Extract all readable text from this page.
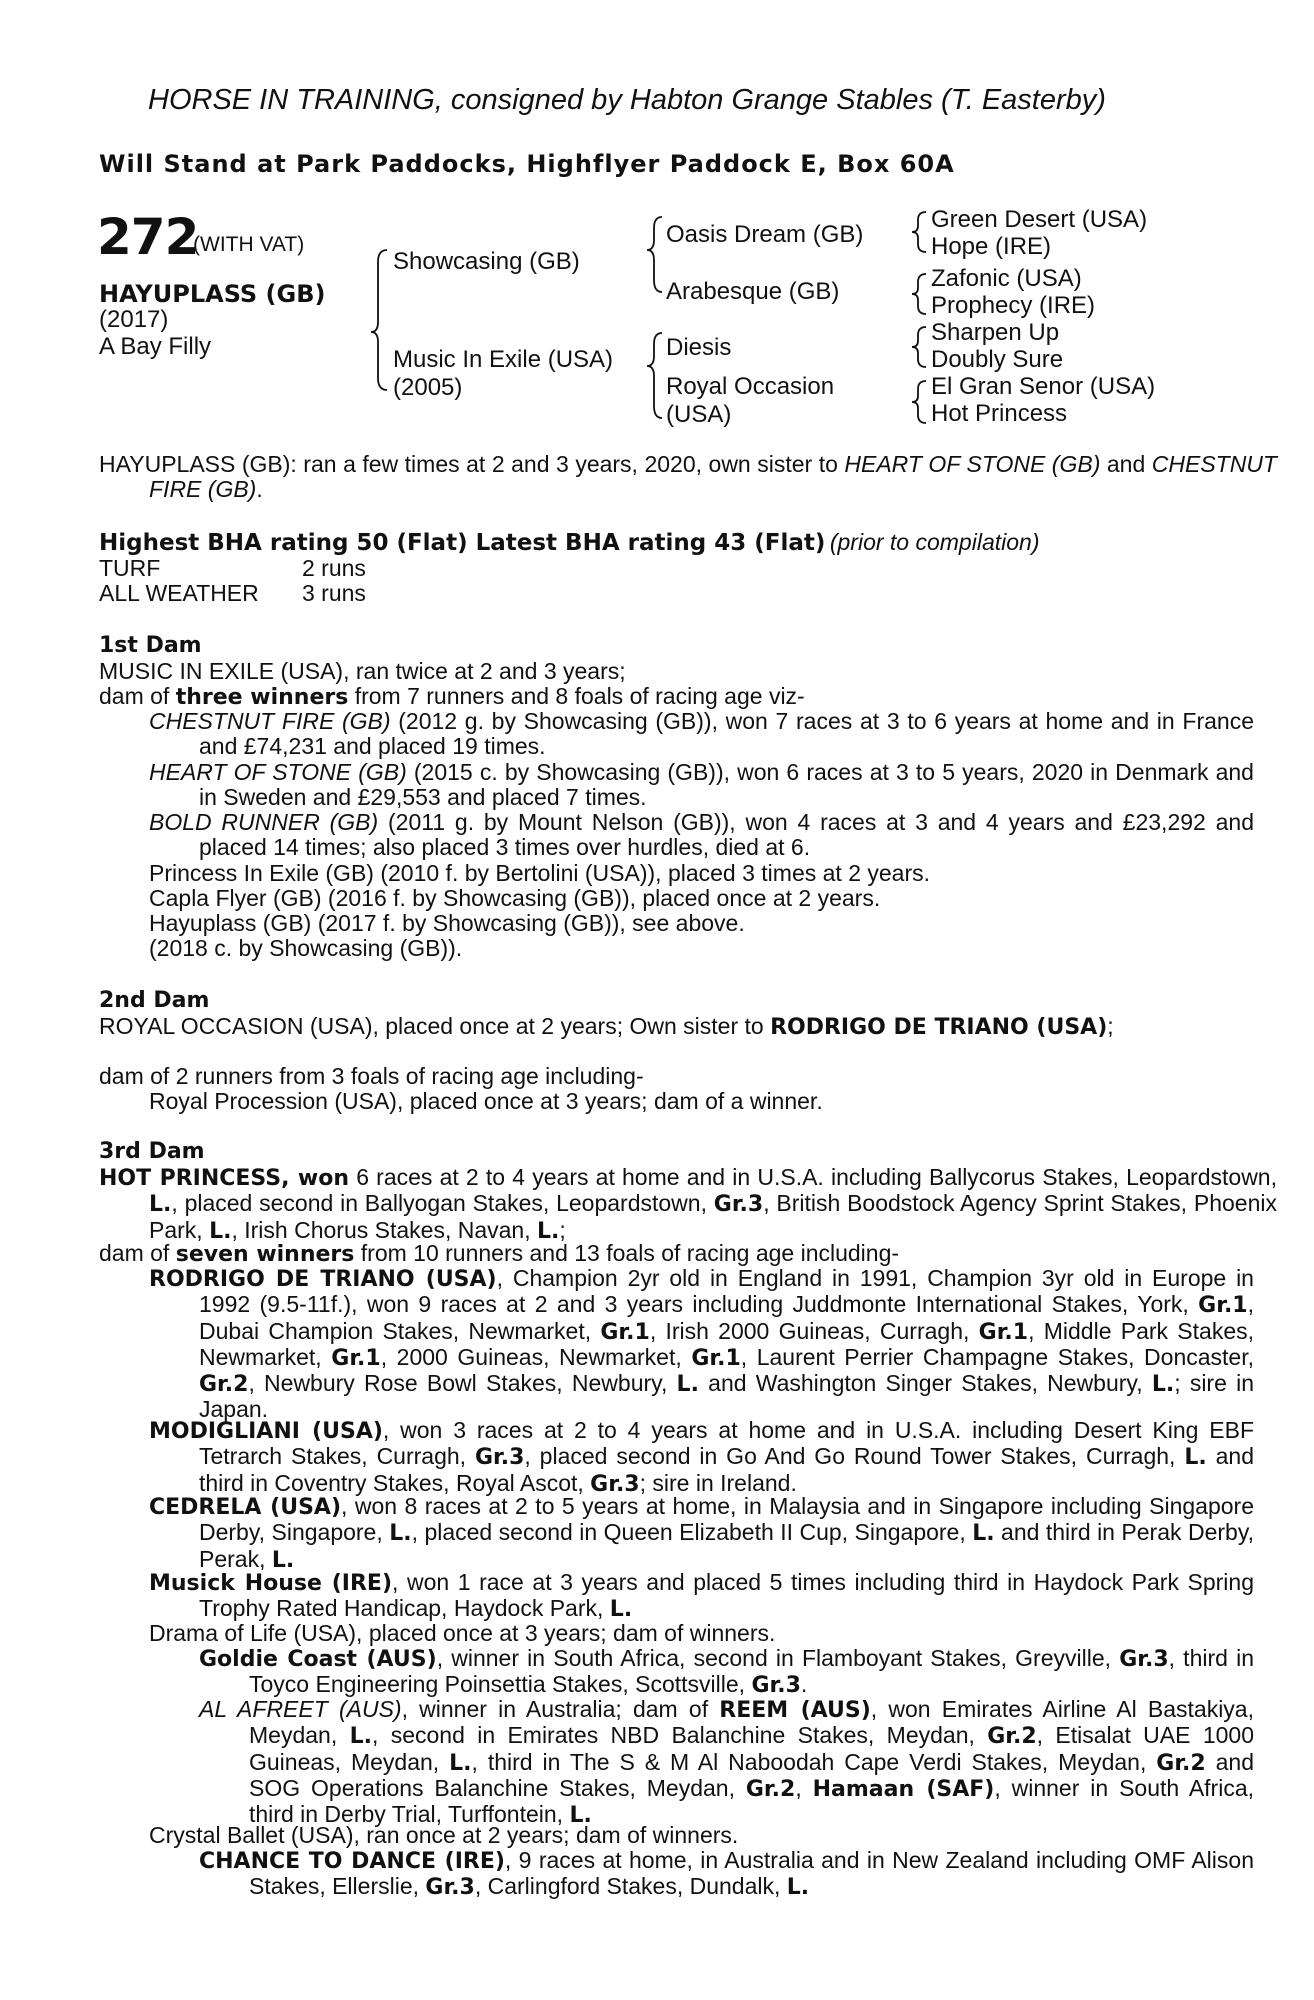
HORSE IN TRAINING, consigned by Habton Grange Stables (T. Easterby)
Will Stand at Park Paddocks, Highflyer Paddock E, Box 60A
272
(WITH VAT)
HAYUPLASS (GB)
(2017)
A Bay Filly
Showcasing (GB)
Music In Exile (USA)
(2005)
Oasis Dream (GB)
Arabesque (GB)
Diesis
Royal Occasion
(USA)
Green Desert (USA)
Hope (IRE)
Zafonic (USA)
Prophecy (IRE)
Sharpen Up
Doubly Sure
El Gran Senor (USA)
Hot Princess
HAYUPLASS (GB): ran a few times at 2 and 3 years, 2020, own sister to HEART OF STONE (GB) and CHESTNUT FIRE (GB).
Highest BHA rating 50 (Flat) Latest BHA rating 43 (Flat) (prior to compilation)
TURF	2 runs
ALL WEATHER 3 runs
1st Dam
MUSIC IN EXILE (USA), ran twice at 2 and 3 years;
dam of three winners from 7 runners and 8 foals of racing age viz-
CHESTNUT FIRE (GB) (2012 g. by Showcasing (GB)), won 7 races at 3 to 6 years at home and in France and £74,231 and placed 19 times.
HEART OF STONE (GB) (2015 c. by Showcasing (GB)), won 6 races at 3 to 5 years, 2020 in Denmark and in Sweden and £29,553 and placed 7 times.
BOLD RUNNER (GB) (2011 g. by Mount Nelson (GB)), won 4 races at 3 and 4 years and £23,292 and placed 14 times; also placed 3 times over hurdles, died at 6.
Princess In Exile (GB) (2010 f. by Bertolini (USA)), placed 3 times at 2 years.
Capla Flyer (GB) (2016 f. by Showcasing (GB)), placed once at 2 years.
Hayuplass (GB) (2017 f. by Showcasing (GB)), see above.
(2018 c. by Showcasing (GB)).
2nd Dam
ROYAL OCCASION (USA), placed once at 2 years; Own sister to RODRIGO DE TRIANO (USA);
dam of 2 runners from 3 foals of racing age including-
Royal Procession (USA), placed once at 3 years; dam of a winner.
3rd Dam
HOT PRINCESS, won 6 races at 2 to 4 years at home and in U.S.A. including Ballycorus Stakes, Leopardstown, L., placed second in Ballyogan Stakes, Leopardstown, Gr.3, British Boodstock Agency Sprint Stakes, Phoenix Park, L., Irish Chorus Stakes, Navan, L.;
dam of seven winners from 10 runners and 13 foals of racing age including-
RODRIGO DE TRIANO (USA), Champion 2yr old in England in 1991, Champion 3yr old in Europe in 1992 (9.5-11f.), won 9 races at 2 and 3 years including Juddmonte International Stakes, York, Gr.1, Dubai Champion Stakes, Newmarket, Gr.1, Irish 2000 Guineas, Curragh, Gr.1, Middle Park Stakes, Newmarket, Gr.1, 2000 Guineas, Newmarket, Gr.1, Laurent Perrier Champagne Stakes, Doncaster, Gr.2, Newbury Rose Bowl Stakes, Newbury, L. and Washington Singer Stakes, Newbury, L.; sire in Japan.
MODIGLIANI (USA), won 3 races at 2 to 4 years at home and in U.S.A. including Desert King EBF Tetrarch Stakes, Curragh, Gr.3, placed second in Go And Go Round Tower Stakes, Curragh, L. and third in Coventry Stakes, Royal Ascot, Gr.3; sire in Ireland.
CEDRELA (USA), won 8 races at 2 to 5 years at home, in Malaysia and in Singapore including Singapore Derby, Singapore, L., placed second in Queen Elizabeth II Cup, Singapore, L. and third in Perak Derby, Perak, L.
Musick House (IRE), won 1 race at 3 years and placed 5 times including third in Haydock Park Spring Trophy Rated Handicap, Haydock Park, L.
Drama of Life (USA), placed once at 3 years; dam of winners.
Goldie Coast (AUS), winner in South Africa, second in Flamboyant Stakes, Greyville, Gr.3, third in Toyco Engineering Poinsettia Stakes, Scottsville, Gr.3.
AL AFREET (AUS), winner in Australia; dam of REEM (AUS), won Emirates Airline Al Bastakiya, Meydan, L., second in Emirates NBD Balanchine Stakes, Meydan, Gr.2, Etisalat UAE 1000 Guineas, Meydan, L., third in The S & M Al Naboodah Cape Verdi Stakes, Meydan, Gr.2 and SOG Operations Balanchine Stakes, Meydan, Gr.2, Hamaan (SAF), winner in South Africa, third in Derby Trial, Turffontein, L.
Crystal Ballet (USA), ran once at 2 years; dam of winners.
CHANCE TO DANCE (IRE), 9 races at home, in Australia and in New Zealand including OMF Alison Stakes, Ellerslie, Gr.3, Carlingford Stakes, Dundalk, L.
